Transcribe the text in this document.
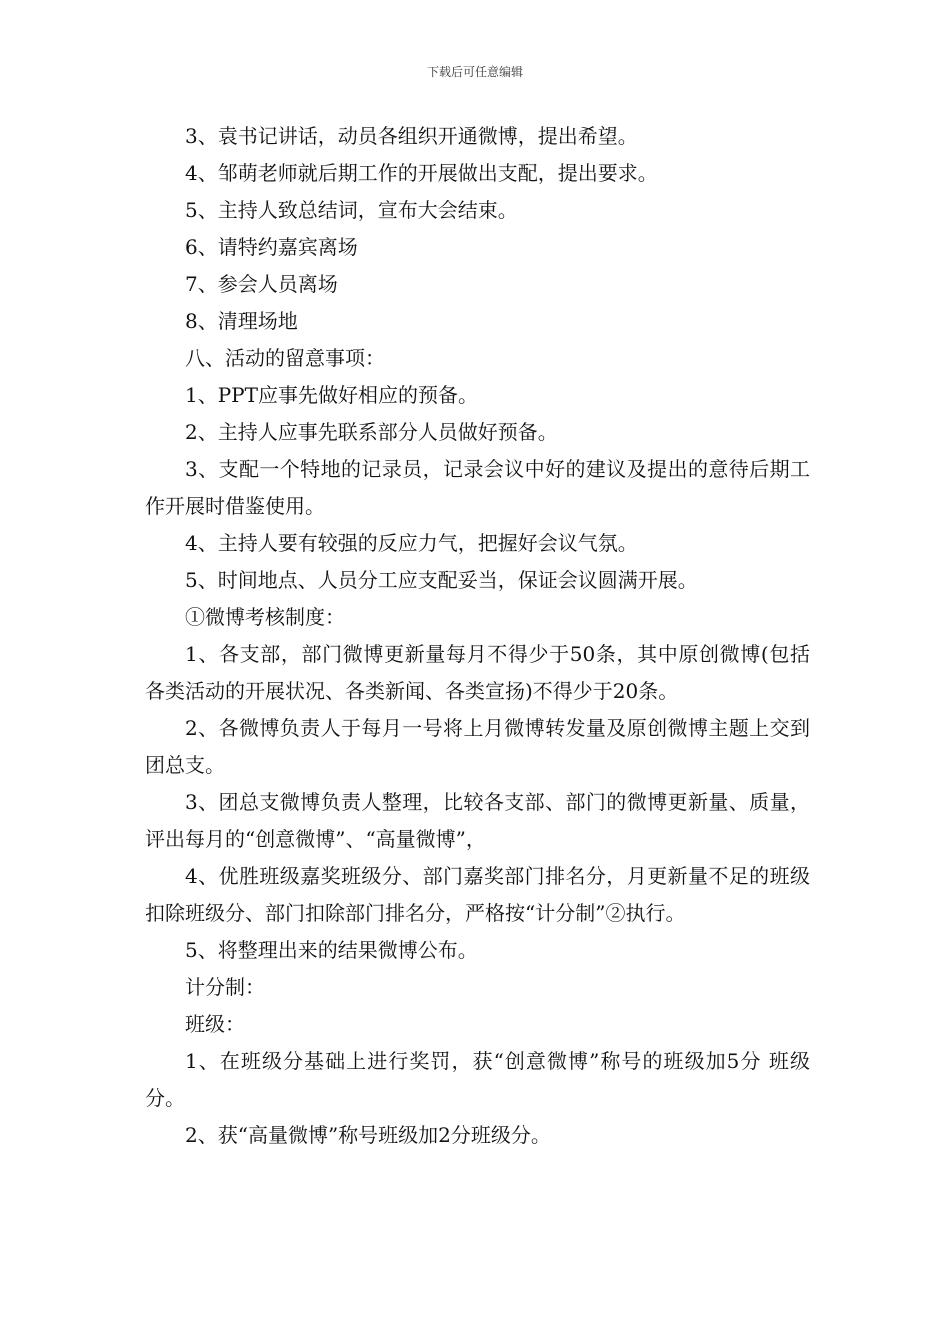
下载后可任意编辑

3、袁书记讲话，动员各组织开通微博，提出希望。

4、邹萌老师就后期工作的开展做出支配，提出要求。

5、主持人致总结词，宣布大会结束。

6、请特约嘉宾离场

7、参会人员离场

8、清理场地

八、活动的留意事项：

1、PPT应事先做好相应的预备。

2、主持人应事先联系部分人员做好预备。

3、支配一个特地的记录员，记录会议中好的建议及提出的意待后期工作开展时借鉴使用。

4、主持人要有较强的反应力气，把握好会议气氛。

5、时间地点、人员分工应支配妥当，保证会议圆满开展。

①微博考核制度：

1、各支部，部门微博更新量每月不得少于50条，其中原创微博(包括各类活动的开展状况、各类新闻、各类宣扬)不得少于20条。

2、各微博负责人于每月一号将上月微博转发量及原创微博主题上交到团总支。

3、团总支微博负责人整理，比较各支部、部门的微博更新量、质量，评出每月的“创意微博”、“高量微博”，

4、优胜班级嘉奖班级分、部门嘉奖部门排名分，月更新量不足的班级扣除班级分、部门扣除部门排名分，严格按“计分制”②执行。

5、将整理出来的结果微博公布。

计分制：

班级：

1、在班级分基础上进行奖罚，获“创意微博”称号的班级加5分 班级分。

2、获“高量微博”称号班级加2分班级分。
